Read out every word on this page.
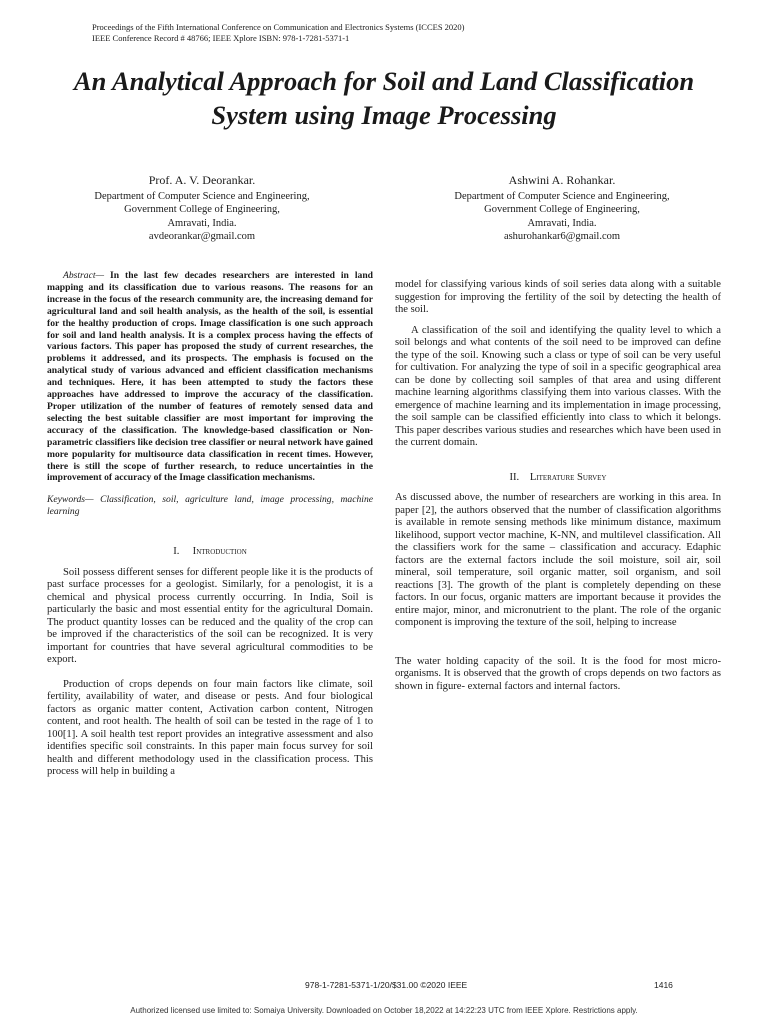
Proceedings of the Fifth International Conference on Communication and Electronics Systems (ICCES 2020)
IEEE Conference Record # 48766; IEEE Xplore ISBN: 978-1-7281-5371-1
An Analytical Approach for Soil and Land Classification System using Image Processing
Prof. A. V. Deorankar.
Department of Computer Science and Engineering,
Government College of Engineering,
Amravati, India.
avdeorankar@gmail.com
Ashwini A. Rohankar.
Department of Computer Science and Engineering,
Government College of Engineering,
Amravati, India.
ashurohankar6@gmail.com

Abstract— In the last few decades researchers are interested in land mapping and its classification due to various reasons. The reasons for an increase in the focus of the research community are, the increasing demand for agricultural land and soil health analysis, as the health of the soil, is essential for the healthy production of crops. Image classification is one such approach for soil and land health analysis. It is a complex process having the effects of various factors. This paper has proposed the study of current researches, the problems it addressed, and its prospects. The emphasis is focused on the analytical study of various advanced and efficient classification mechanisms and techniques. Here, it has been attempted to study the factors these approaches have addressed to improve the accuracy of the classification. Proper utilization of the number of features of remotely sensed data and selecting the best suitable classifier are most important for improving the accuracy of the classification. The knowledge-based classification or Non-parametric classifiers like decision tree classifier or neural network have gained more popularity for multisource data classification in recent times. However, there is still the scope of further research, to reduce uncertainties in the improvement of accuracy of the Image classification mechanisms.

Keywords— Classification, soil, agriculture land, image processing, machine learning

I. Introduction

Soil possess different senses for different people like it is the products of past surface processes for a geologist. Similarly, for a penologist, it is a chemical and physical process currently occurring. In India, Soil is particularly the basic and most essential entity for the agricultural Domain. The product quantity losses can be reduced and the quality of the crop can be improved if the characteristics of the soil can be recognized. It is very important for countries that have several agricultural commodities to be export.

Production of crops depends on four main factors like climate, soil fertility, availability of water, and disease or pests. And four biological factors as organic matter content, Activation carbon content, Nitrogen content, and root health. The health of soil can be tested in the rage of 1 to 100[1]. A soil health test report provides an integrative assessment and also identifies specific soil constraints. In this paper main focus survey for soil health and different methodology used in the classification process. This process will help in building a

model for classifying various kinds of soil series data along with a suitable suggestion for improving the fertility of the soil by detecting the health of the soil.

A classification of the soil and identifying the quality level to which a soil belongs and what contents of the soil need to be improved can define the type of the soil. Knowing such a class or type of soil can be very useful for cultivation. For analyzing the type of soil in a specific geographical area can be done by collecting soil samples of that area and using different machine learning algorithms classifying them into various classes. With the emergence of machine learning and its implementation in image processing, the soil sample can be classified efficiently into class to which it belongs. This paper describes various studies and researches which have been used in the current domain.

II. Literature Survey

As discussed above, the number of researchers are working in this area. In paper [2], the authors observed that the number of classification algorithms is available in remote sensing methods like minimum distance, maximum likelihood, support vector machine, K-NN, and multilevel classification. All the classifiers work for the same – classification and accuracy. Edaphic factors are the external factors include the soil moisture, soil air, soil mineral, soil temperature, soil organic matter, soil organism, and soil reactions [3]. The growth of the plant is completely depending on these factors. In our focus, organic matters are important because it provides the entire major, minor, and micronutrient to the plant. The role of the organic component is improving the texture of the soil, helping to increase

The water holding capacity of the soil. It is the food for most micro-organisms. It is observed that the growth of crops depends on two factors as shown in figure- external factors and internal factors.

978-1-7281-5371-1/20/$31.00 ©2020 IEEE	1416
Authorized licensed use limited to: Somaiya University. Downloaded on October 18,2022 at 14:22:23 UTC from IEEE Xplore. Restrictions apply.
